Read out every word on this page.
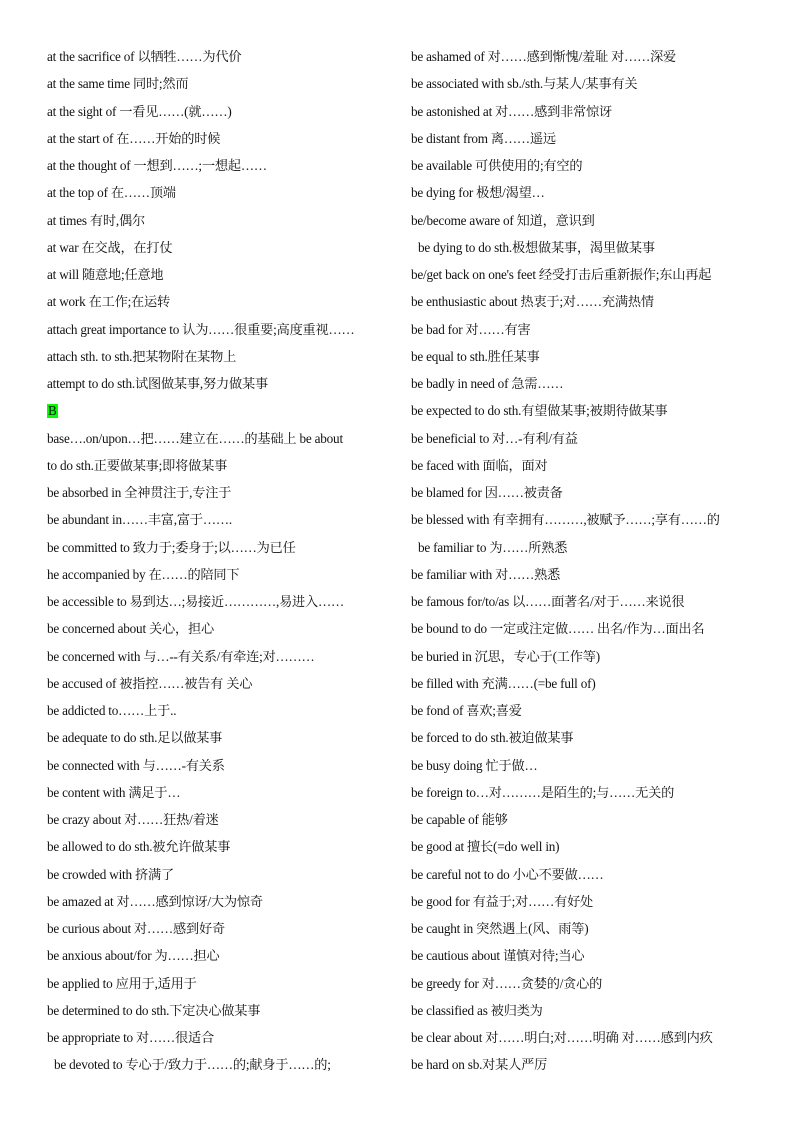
at the sacrifice of 以牺牲……为代价
at the same time 同时;然而
at the sight of 一看见……(就……)
at the start of 在……开始的时候
at the thought of 一想到……;一想起……
at the top of 在……顶端
at times 有时,偶尔
at war 在交战，在打仗
at will 随意地;任意地
at work 在工作;在运转
attach great importance to 认为……很重要;高度重视……
attach sth. to sth.把某物附在某物上
attempt to do sth.试图做某事,努力做某事
B
base….on/upon…把……建立在……的基础上 be about
to do sth.正要做某事;即将做某事
be absorbed in 全神贯注于,专注于
be abundant in……丰富,富于…….
be committed to 致力于;委身于;以……为已任
he accompanied by 在……的陪同下
be accessible to 易到达…;易接近…………,易进入……
be concerned about 关心，担心
be concerned with 与…--有关系/有牵连;对………
be accused of 被指控……被告有 关心
be addicted to……上于..
be adequate to do sth.足以做某事
be connected with 与……-有关系
be content with 满足于…
be crazy about 对……狂热/着迷
be allowed to do sth.被允许做某事
be crowded with 挤满了
be amazed at 对……感到惊讶/大为惊奇
be curious about 对……感到好奇
be anxious about/for 为……担心
be applied to 应用于,适用于
be determined to do sth.下定决心做某事
be appropriate to 对……很适合
be devoted to 专心于/致力于……的;献身于……的;
be ashamed of 对……感到惭愧/羞耻 对……深爱
be associated with sb./sth.与某人/某事有关
be astonished at 对……感到非常惊讶
be distant from 离……遥远
be available 可供使用的;有空的
be dying for 极想/渴望…
be/become aware of 知道，意识到
be dying to do sth.极想做某事，渴里做某事
be/get back on one's feet 经受打击后重新振作;东山再起
be enthusiastic about 热衷于;对……充满热情
be bad for 对……有害
be equal to sth.胜任某事
be badly in need of 急需……
be expected to do sth.有望做某事;被期待做某事
be beneficial to 对…-有利/有益
be faced with 面临，面对
be blamed for 因……被责备
be blessed with 有幸拥有………,被赋予……;享有……的
be familiar to 为……所熟悉
be familiar with 对……熟悉
be famous for/to/as 以……面著名/对于……来说很
be bound to do 一定或注定做…… 出名/作为…面出名
be buried in 沉思，专心于(工作等)
be filled with 充满……(=be full of)
be fond of 喜欢;喜爱
be forced to do sth.被迫做某事
be busy doing 忙于做…
be foreign to…对………是陌生的;与……无关的
be capable of 能够
be good at 擅长(=do well in)
be careful not to do 小心不要做……
be good for 有益于;对……有好处
be caught in 突然遇上(风、雨等)
be cautious about 谨慎对待;当心
be greedy for 对……贪婪的/贪心的
be classified as 被归类为
be clear about 对……明白;对……明确 对……感到内疚
be hard on sb.对某人严厉
